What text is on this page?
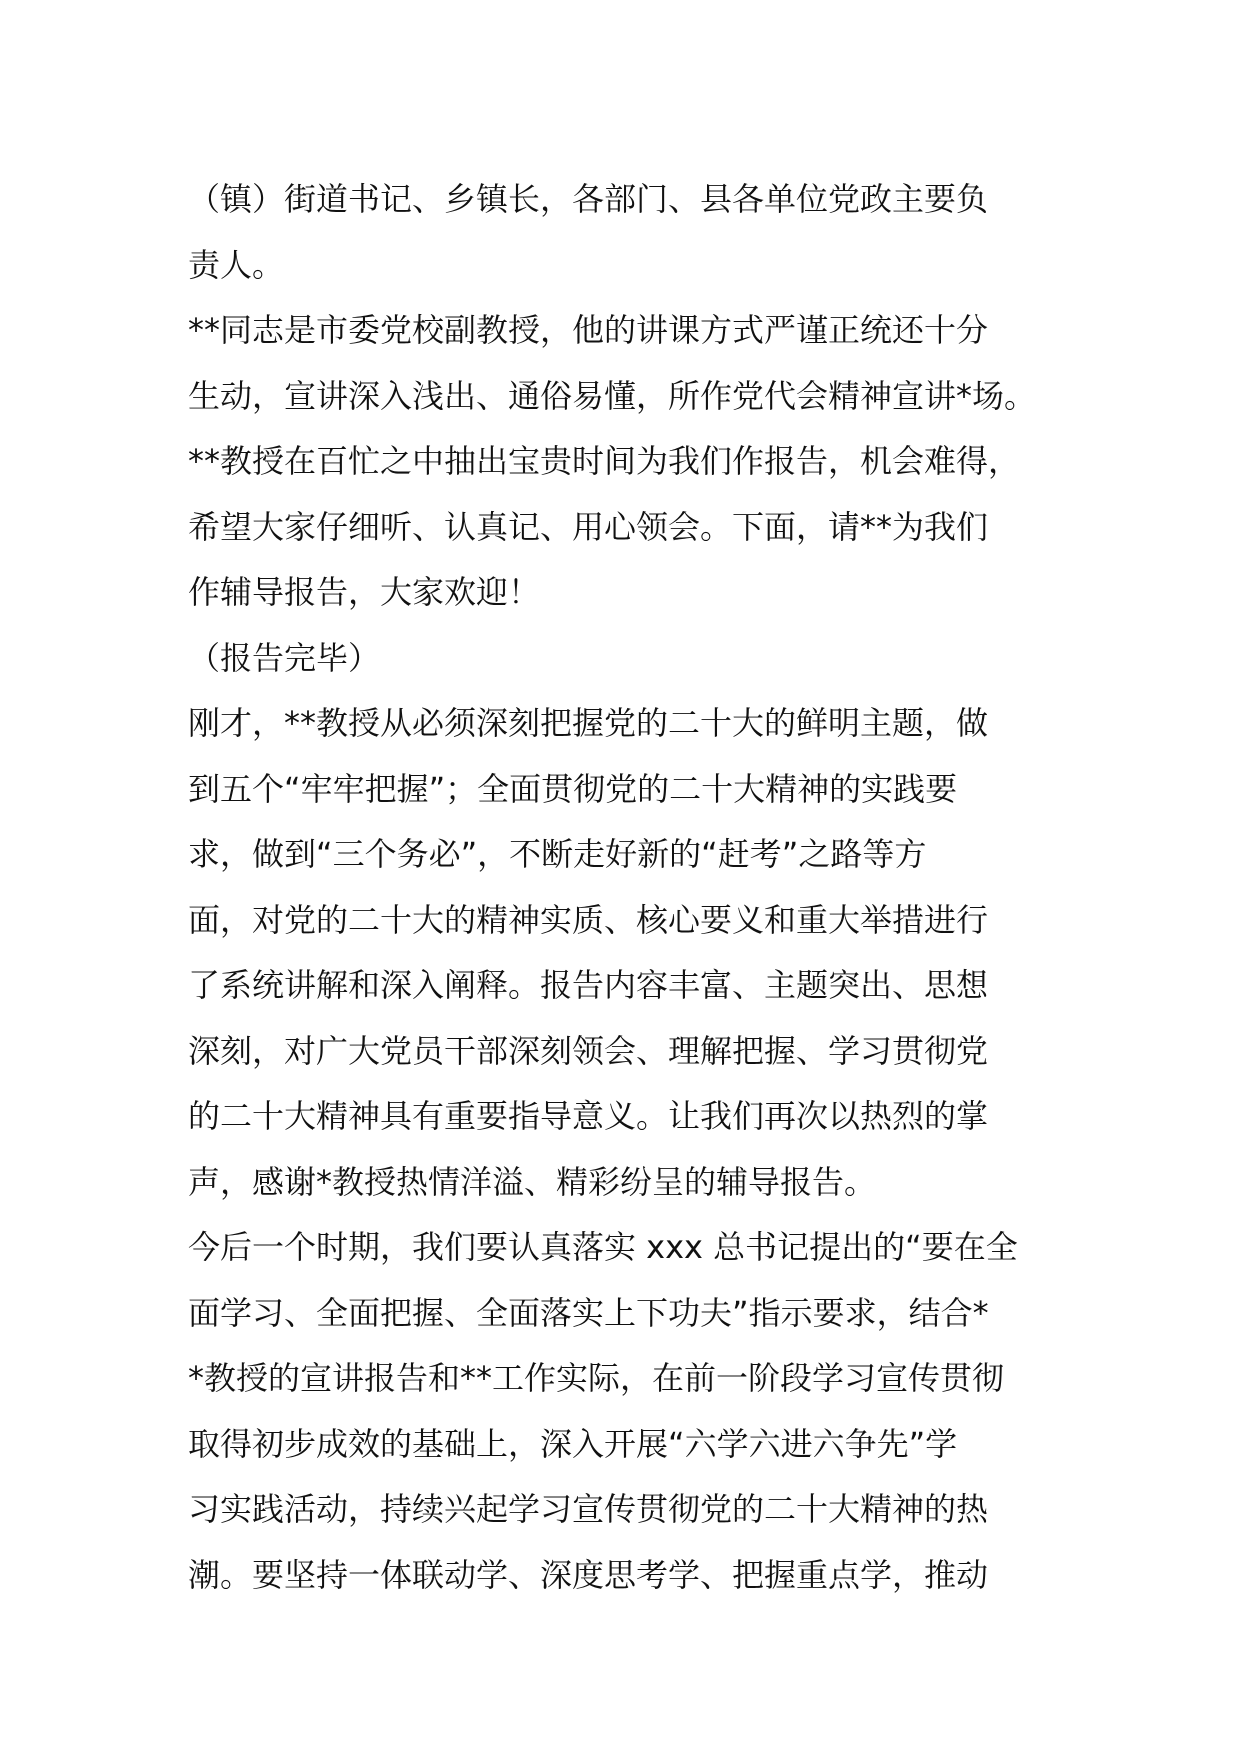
（镇）街道书记、乡镇长，各部门、县各单位党政主要负
责人。
**同志是市委党校副教授，他的讲课方式严谨正统还十分
生动，宣讲深入浅出、通俗易懂，所作党代会精神宣讲*场。
**教授在百忙之中抽出宝贵时间为我们作报告，机会难得，
希望大家仔细听、认真记、用心领会。下面，请**为我们
作辅导报告，大家欢迎！
（报告完毕）
刚才，**教授从必须深刻把握党的二十大的鲜明主题，做
到五个“牢牢把握”；全面贯彻党的二十大精神的实践要
求，做到“三个务必”，不断走好新的“赶考”之路等方
面，对党的二十大的精神实质、核心要义和重大举措进行
了系统讲解和深入阐释。报告内容丰富、主题突出、思想
深刻，对广大党员干部深刻领会、理解把握、学习贯彻党
的二十大精神具有重要指导意义。让我们再次以热烈的掌
声，感谢*教授热情洋溢、精彩纷呈的辅导报告。
今后一个时期，我们要认真落实 xxx 总书记提出的“要在全
面学习、全面把握、全面落实上下功夫”指示要求，结合*
*教授的宣讲报告和**工作实际，在前一阶段学习宣传贯彻
取得初步成效的基础上，深入开展“六学六进六争先”学
习实践活动，持续兴起学习宣传贯彻党的二十大精神的热
潮。要坚持一体联动学、深度思考学、把握重点学，推动
